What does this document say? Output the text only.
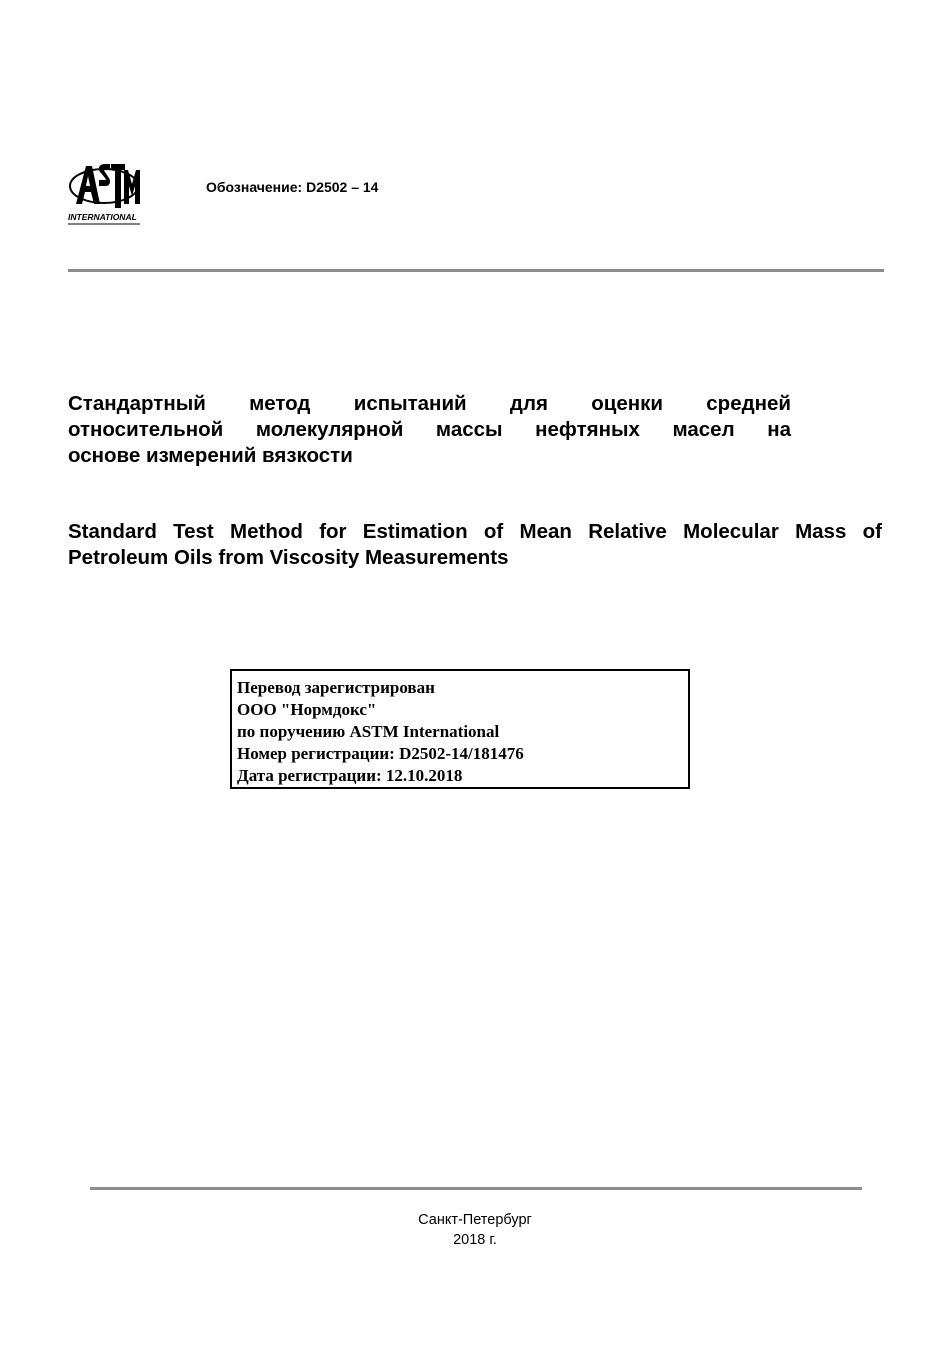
INTERNATIONAL
Обозначение: D2502 – 14
Стандартный метод испытаний для оценки средней
относительной молекулярной массы нефтяных масел на
основе измерений вязкости
Standard Test Method for Estimation of Mean Relative Molecular Mass of
Petroleum Oils from Viscosity Measurements
Перевод зарегистрирован
ООО "Нормдокс"
по поручению ASTM International
Номер регистрации: D2502-14/181476
Дата регистрации: 12.10.2018
Санкт-Петербург
2018 г.
